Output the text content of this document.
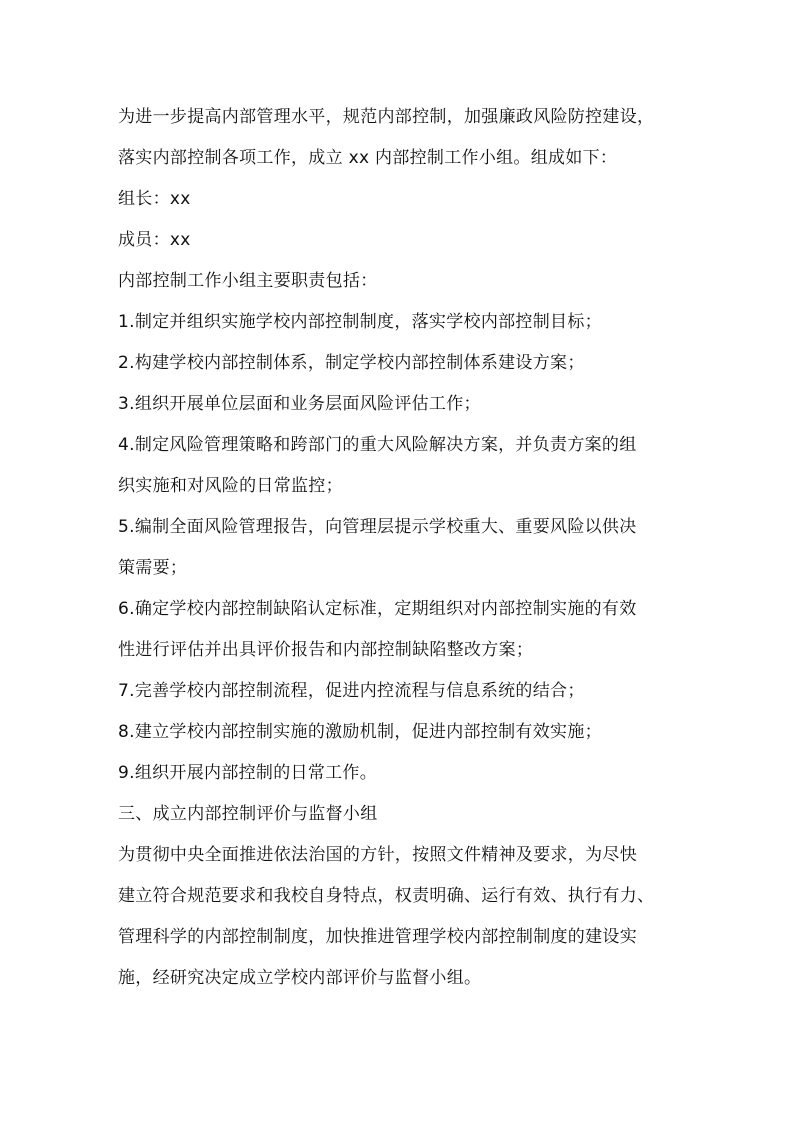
为进一步提高内部管理水平，规范内部控制，加强廉政风险防控建设，
落实内部控制各项工作，成立 xx 内部控制工作小组。组成如下：
组长：xx
成员：xx
内部控制工作小组主要职责包括：
1.制定并组织实施学校内部控制制度，落实学校内部控制目标；
2.构建学校内部控制体系，制定学校内部控制体系建设方案；
3.组织开展单位层面和业务层面风险评估工作；
4.制定风险管理策略和跨部门的重大风险解决方案，并负责方案的组
织实施和对风险的日常监控；
5.编制全面风险管理报告，向管理层提示学校重大、重要风险以供决
策需要；
6.确定学校内部控制缺陷认定标准，定期组织对内部控制实施的有效
性进行评估并出具评价报告和内部控制缺陷整改方案；
7.完善学校内部控制流程，促进内控流程与信息系统的结合；
8.建立学校内部控制实施的激励机制，促进内部控制有效实施；
9.组织开展内部控制的日常工作。
三、成立内部控制评价与监督小组
为贯彻中央全面推进依法治国的方针，按照文件精神及要求，为尽快
建立符合规范要求和我校自身特点，权责明确、运行有效、执行有力、
管理科学的内部控制制度，加快推进管理学校内部控制制度的建设实
施，经研究决定成立学校内部评价与监督小组。
